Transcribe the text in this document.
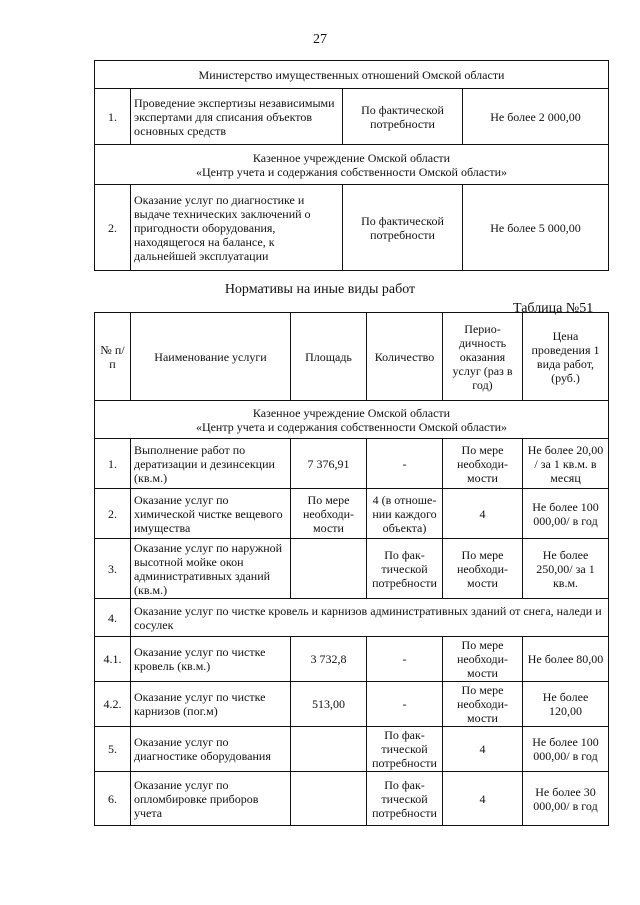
27
Министерство имущественных отношений Омской области			
1.	Проведение экспертизы независимыми экспертами для списания объектов основных средств	По фактической потребности	Не более 2 000,00

Казенное учреждение Омской области
«Центр учета и содержания собственности Омской области»			

2.	Оказание услуг по диагностике и выдаче технических заключений о пригодности оборудования, находящегося на балансе, к дальнейшей эксплуатации	По фактической потребности	Не более 5 000,00
Нормативы на иные виды работ
Таблица №51
№ п/п	Наименование услуги	Площадь	Количество	Перио- дичность оказания услуг (раз в год)	Цена проведения 1 вида работ, (руб.)

Казенное учреждение Омской области
«Центр учета и содержания собственности Омской области»					

1.	Выполнение работ по дератизации и дезинсекции (кв.м.)	7 376,91	-	По мере необходи- мости	Не более 20,00 / за 1 кв.м. в месяц
2.	Оказание услуг по химической чистке вещевого имущества	По мере необходи- мости	4 (в отноше- нии каждого объекта)	4	Не более 100 000,00/ в год
3.	Оказание услуг по наружной высотной мойке окон административных зданий (кв.м.)		По фак- тической потребности	По мере необходи- мости	Не более 250,00/ за 1 кв.м.
4.	Оказание услуг по чистке кровель и карнизов административных зданий от снега, наледи и сосулек				
4.1.	Оказание услуг по чистке кровель (кв.м.)	3 732,8	-	По мере необходи- мости	Не более 80,00
4.2.	Оказание услуг по чистке карнизов (пог.м)	513,00	-	По мере необходи- мости	Не более 120,00
5.	Оказание услуг по диагностике оборудования		По фак- тической потребности	4	Не более 100 000,00/ в год
6.	Оказание услуг по опломбировке приборов учета		По фак- тической потребности	4	Не более 30 000,00/ в год
